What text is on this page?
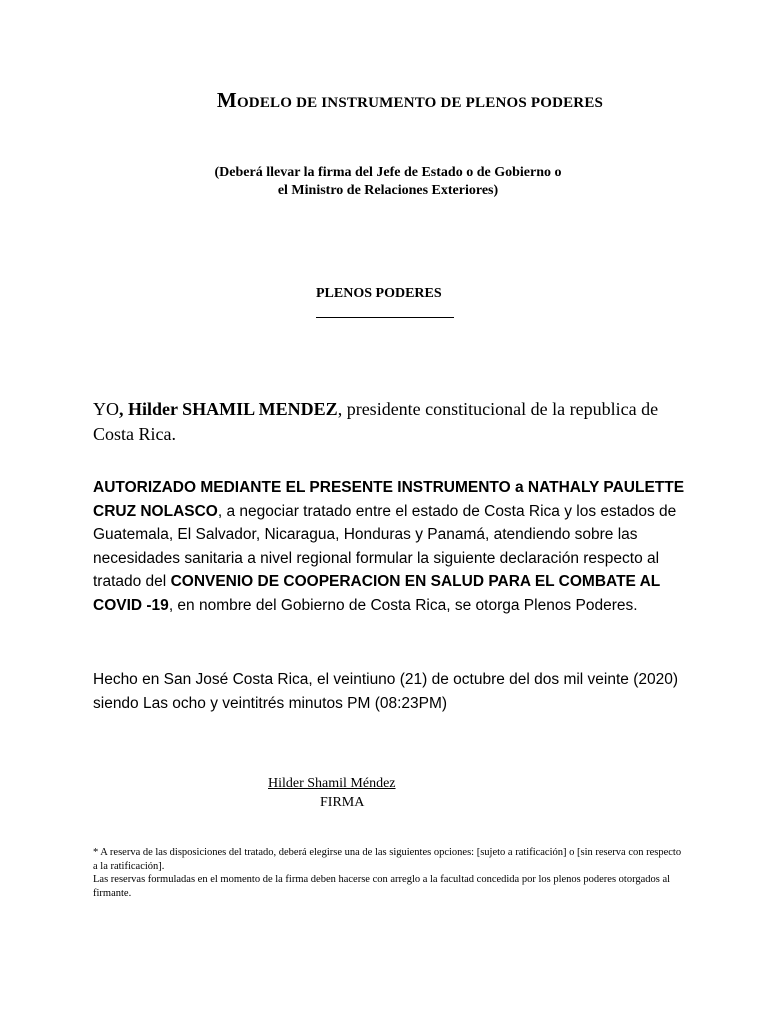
MODELO DE INSTRUMENTO DE PLENOS PODERES
(Deberá llevar la firma del Jefe de Estado o de Gobierno o
el Ministro de Relaciones Exteriores)
PLENOS PODERES
YO, Hilder SHAMIL MENDEZ, presidente constitucional de la republica de Costa Rica.
AUTORIZADO MEDIANTE EL PRESENTE INSTRUMENTO a NATHALY PAULETTE CRUZ NOLASCO, a negociar tratado entre el estado de Costa Rica y los estados de Guatemala, El Salvador, Nicaragua, Honduras y Panamá, atendiendo sobre las necesidades sanitaria a nivel regional formular la siguiente declaración respecto al tratado del CONVENIO DE COOPERACION EN SALUD PARA EL COMBATE AL COVID -19, en nombre del Gobierno de Costa Rica, se otorga Plenos Poderes.
Hecho en San José Costa Rica, el veintiuno (21) de octubre del dos mil veinte (2020) siendo Las ocho y veintitrés minutos PM (08:23PM)
Hilder Shamil Méndez
FIRMA

* A reserva de las disposiciones del tratado, deberá elegirse una de las siguientes opciones: [sujeto a ratificación] o [sin reserva con respecto a la ratificación].

Las reservas formuladas en el momento de la firma deben hacerse con arreglo a la facultad concedida por los plenos poderes otorgados al firmante.
